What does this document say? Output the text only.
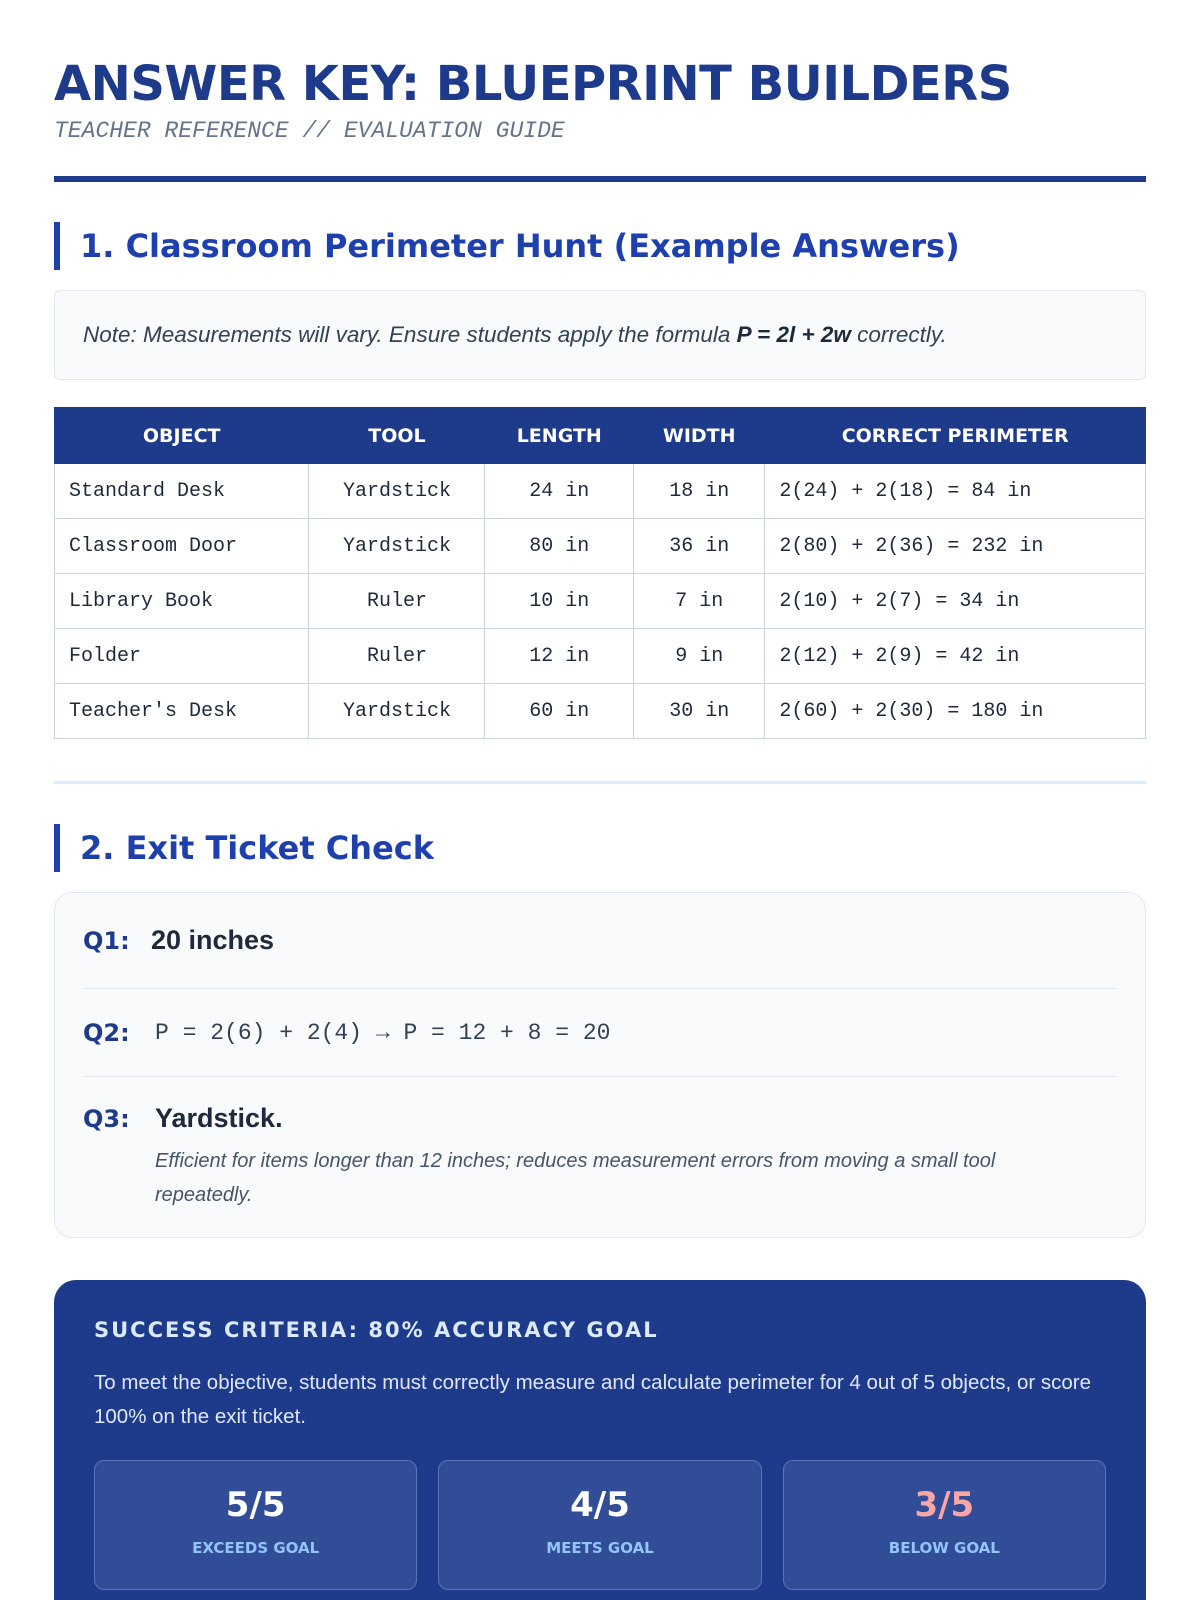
ANSWER KEY: BLUEPRINT BUILDERS
TEACHER REFERENCE // EVALUATION GUIDE
1. Classroom Perimeter Hunt (Example Answers)
Note: Measurements will vary. Ensure students apply the formula P = 2l + 2w correctly.
OBJECT	TOOL	LENGTH	WIDTH	CORRECT PERIMETER
Standard Desk	Yardstick	24 in	18 in	2(24) + 2(18) = 84 in
Classroom Door	Yardstick	80 in	36 in	2(80) + 2(36) = 232 in
Library Book	Ruler	10 in	7 in	2(10) + 2(7) = 34 in
Folder	Ruler	12 in	9 in	2(12) + 2(9) = 42 in
Teacher's Desk	Yardstick	60 in	30 in	2(60) + 2(30) = 180 in
2. Exit Ticket Check
Q1: 20 inches
Q2:	P = 2(6) + 2(4) → P = 12 + 8 = 20
Q3: Yardstick.
Efficient for items longer than 12 inches; reduces measurement errors from moving a small tool repeatedly.
SUCCESS CRITERIA: 80% ACCURACY GOAL
To meet the objective, students must correctly measure and calculate perimeter for 4 out of 5 objects, or score 100% on the exit ticket.
5/5
EXCEEDS GOAL
4/5
MEETS GOAL
3/5
BELOW GOAL
